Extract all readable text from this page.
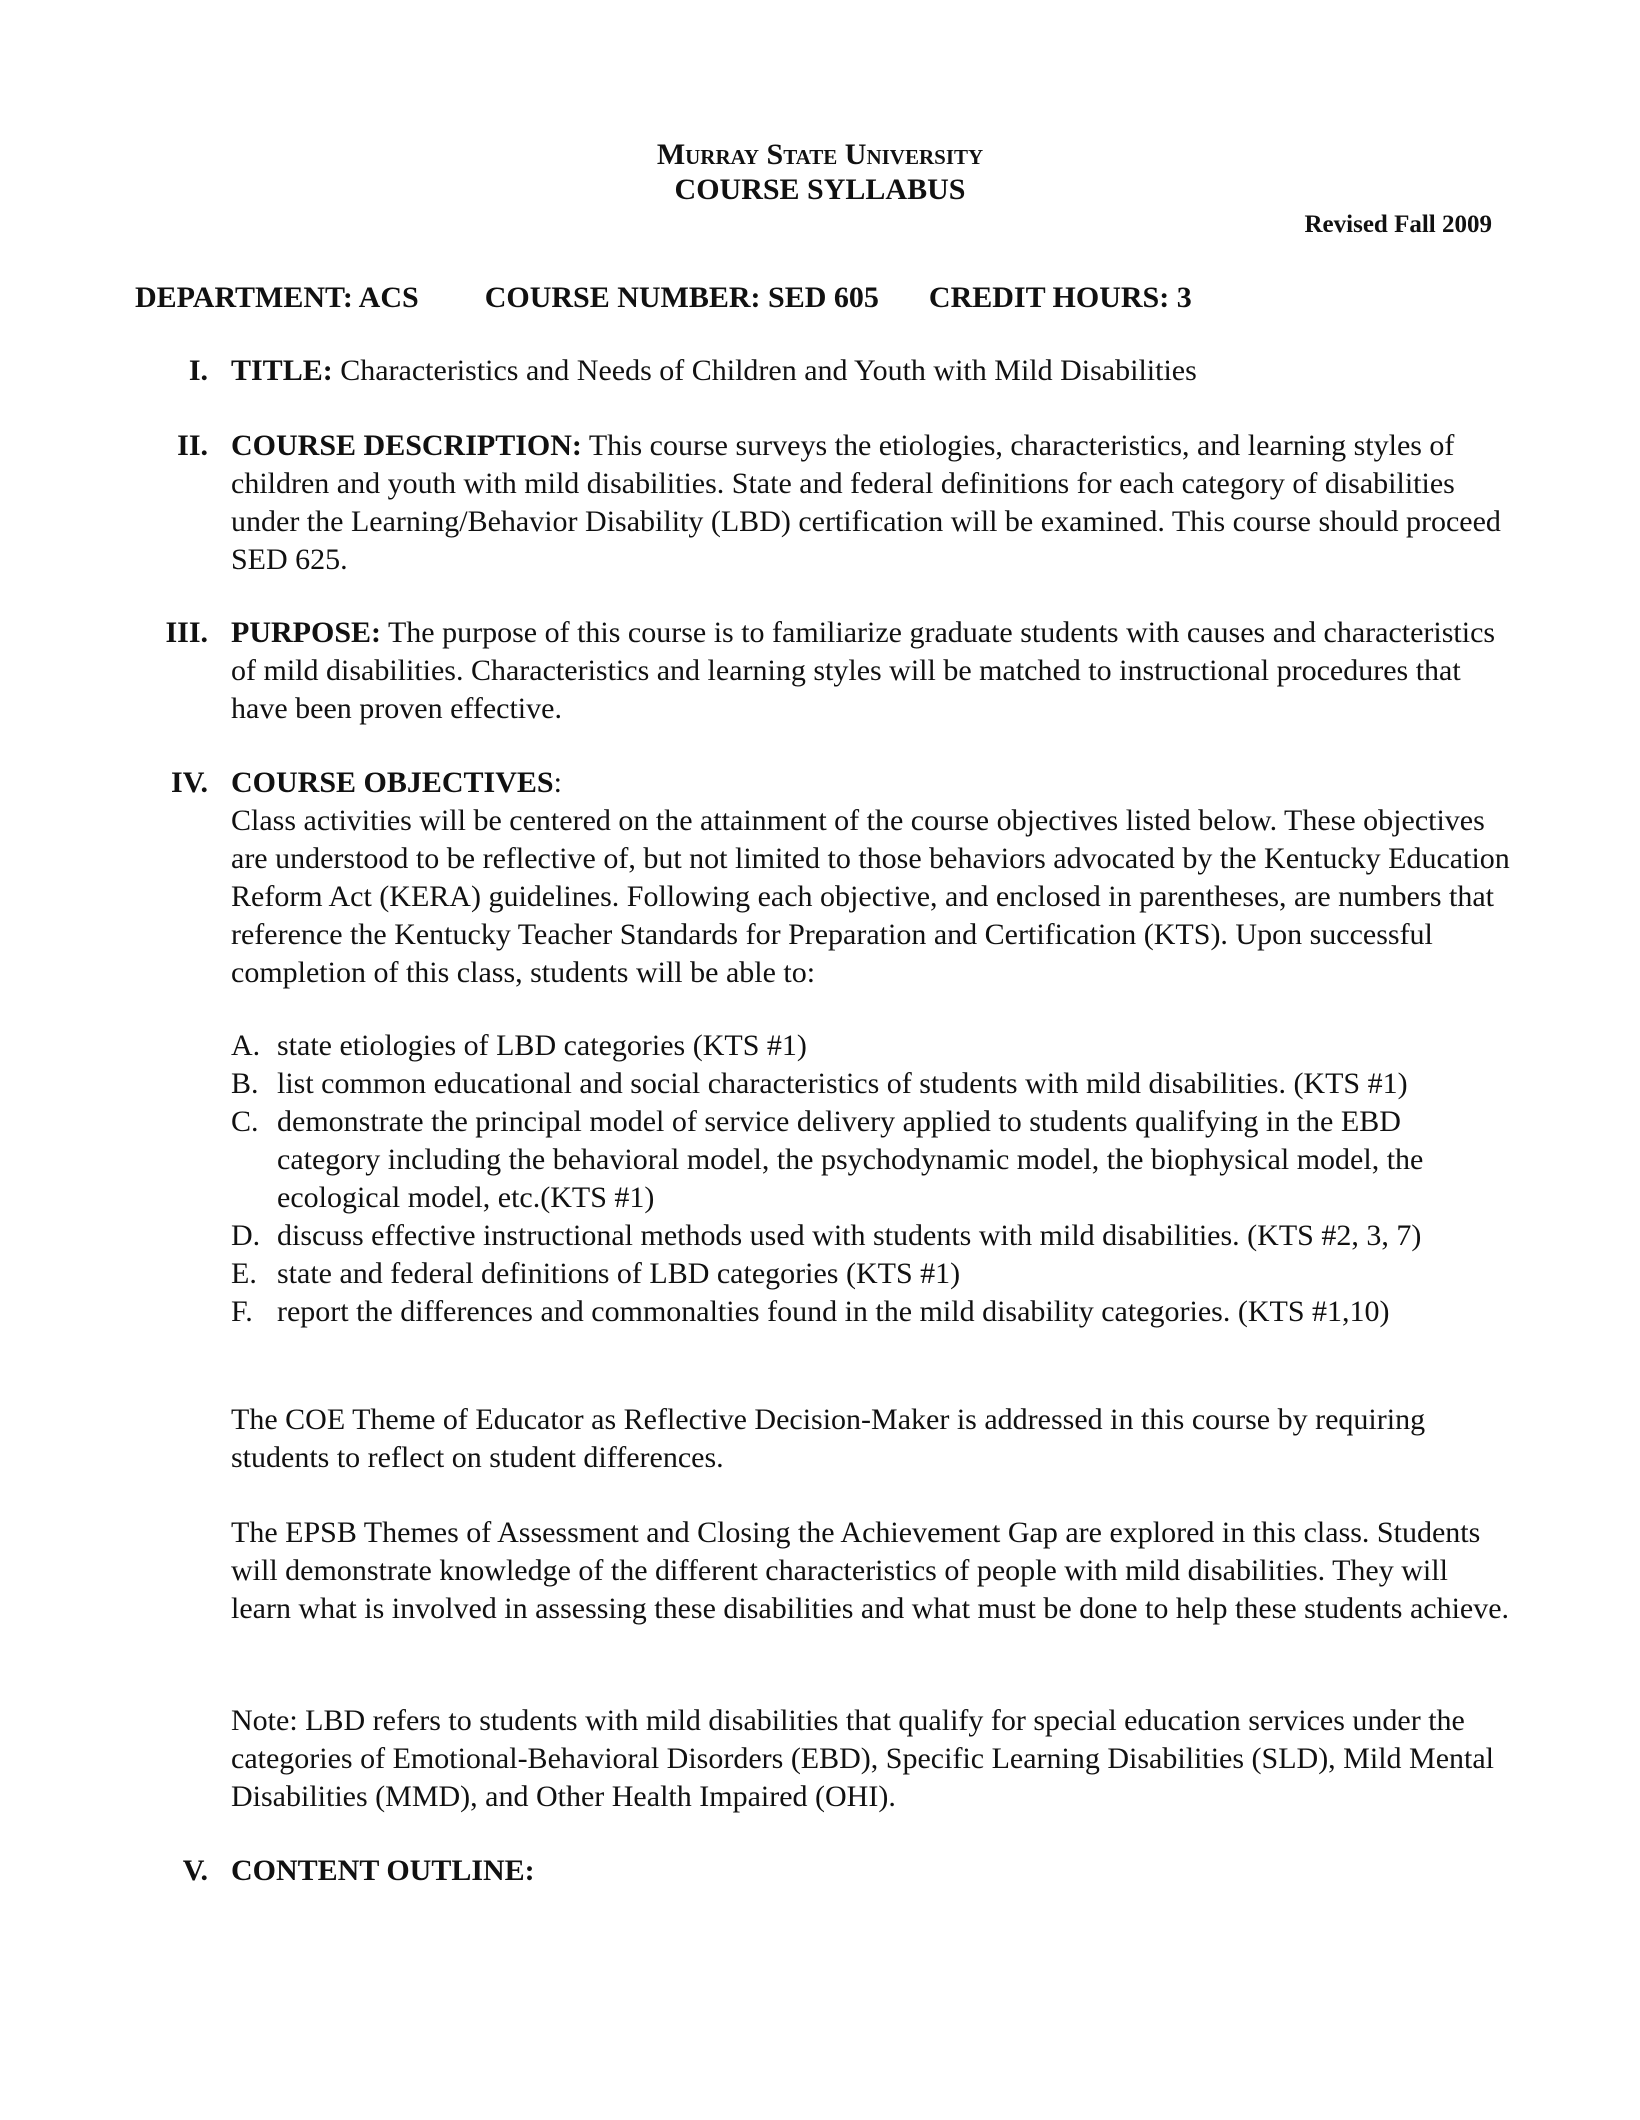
Murray State University
COURSE SYLLABUS
Revised Fall 2009
DEPARTMENT: ACS COURSE NUMBER: SED 605 CREDIT HOURS: 3
I. TITLE: Characteristics and Needs of Children and Youth with Mild Disabilities
II. COURSE DESCRIPTION: This course surveys the etiologies, characteristics, and learning styles of children and youth with mild disabilities. State and federal definitions for each category of disabilities under the Learning/Behavior Disability (LBD) certification will be examined. This course should proceed SED 625.
III. PURPOSE: The purpose of this course is to familiarize graduate students with causes and characteristics of mild disabilities. Characteristics and learning styles will be matched to instructional procedures that have been proven effective.
IV. COURSE OBJECTIVES:

Class activities will be centered on the attainment of the course objectives listed below. These objectives are understood to be reflective of, but not limited to those behaviors advocated by the Kentucky Education Reform Act (KERA) guidelines. Following each objective, and enclosed in parentheses, are numbers that reference the Kentucky Teacher Standards for Preparation and Certification (KTS). Upon successful completion of this class, students will be able to:

A. state etiologies of LBD categories (KTS #1)
B. list common educational and social characteristics of students with mild disabilities. (KTS #1)
C. demonstrate the principal model of service delivery applied to students qualifying in the EBD category including the behavioral model, the psychodynamic model, the biophysical model, the ecological model, etc.(KTS #1)
D. discuss effective instructional methods used with students with mild disabilities. (KTS #2, 3, 7)
E. state and federal definitions of LBD categories (KTS #1)
F. report the differences and commonalties found in the mild disability categories. (KTS #1,10)

The COE Theme of Educator as Reflective Decision-Maker is addressed in this course by requiring students to reflect on student differences.

The EPSB Themes of Assessment and Closing the Achievement Gap are explored in this class. Students will demonstrate knowledge of the different characteristics of people with mild disabilities. They will learn what is involved in assessing these disabilities and what must be done to help these students achieve.

Note: LBD refers to students with mild disabilities that qualify for special education services under the categories of Emotional-Behavioral Disorders (EBD), Specific Learning Disabilities (SLD), Mild Mental Disabilities (MMD), and Other Health Impaired (OHI).

V. CONTENT OUTLINE:
